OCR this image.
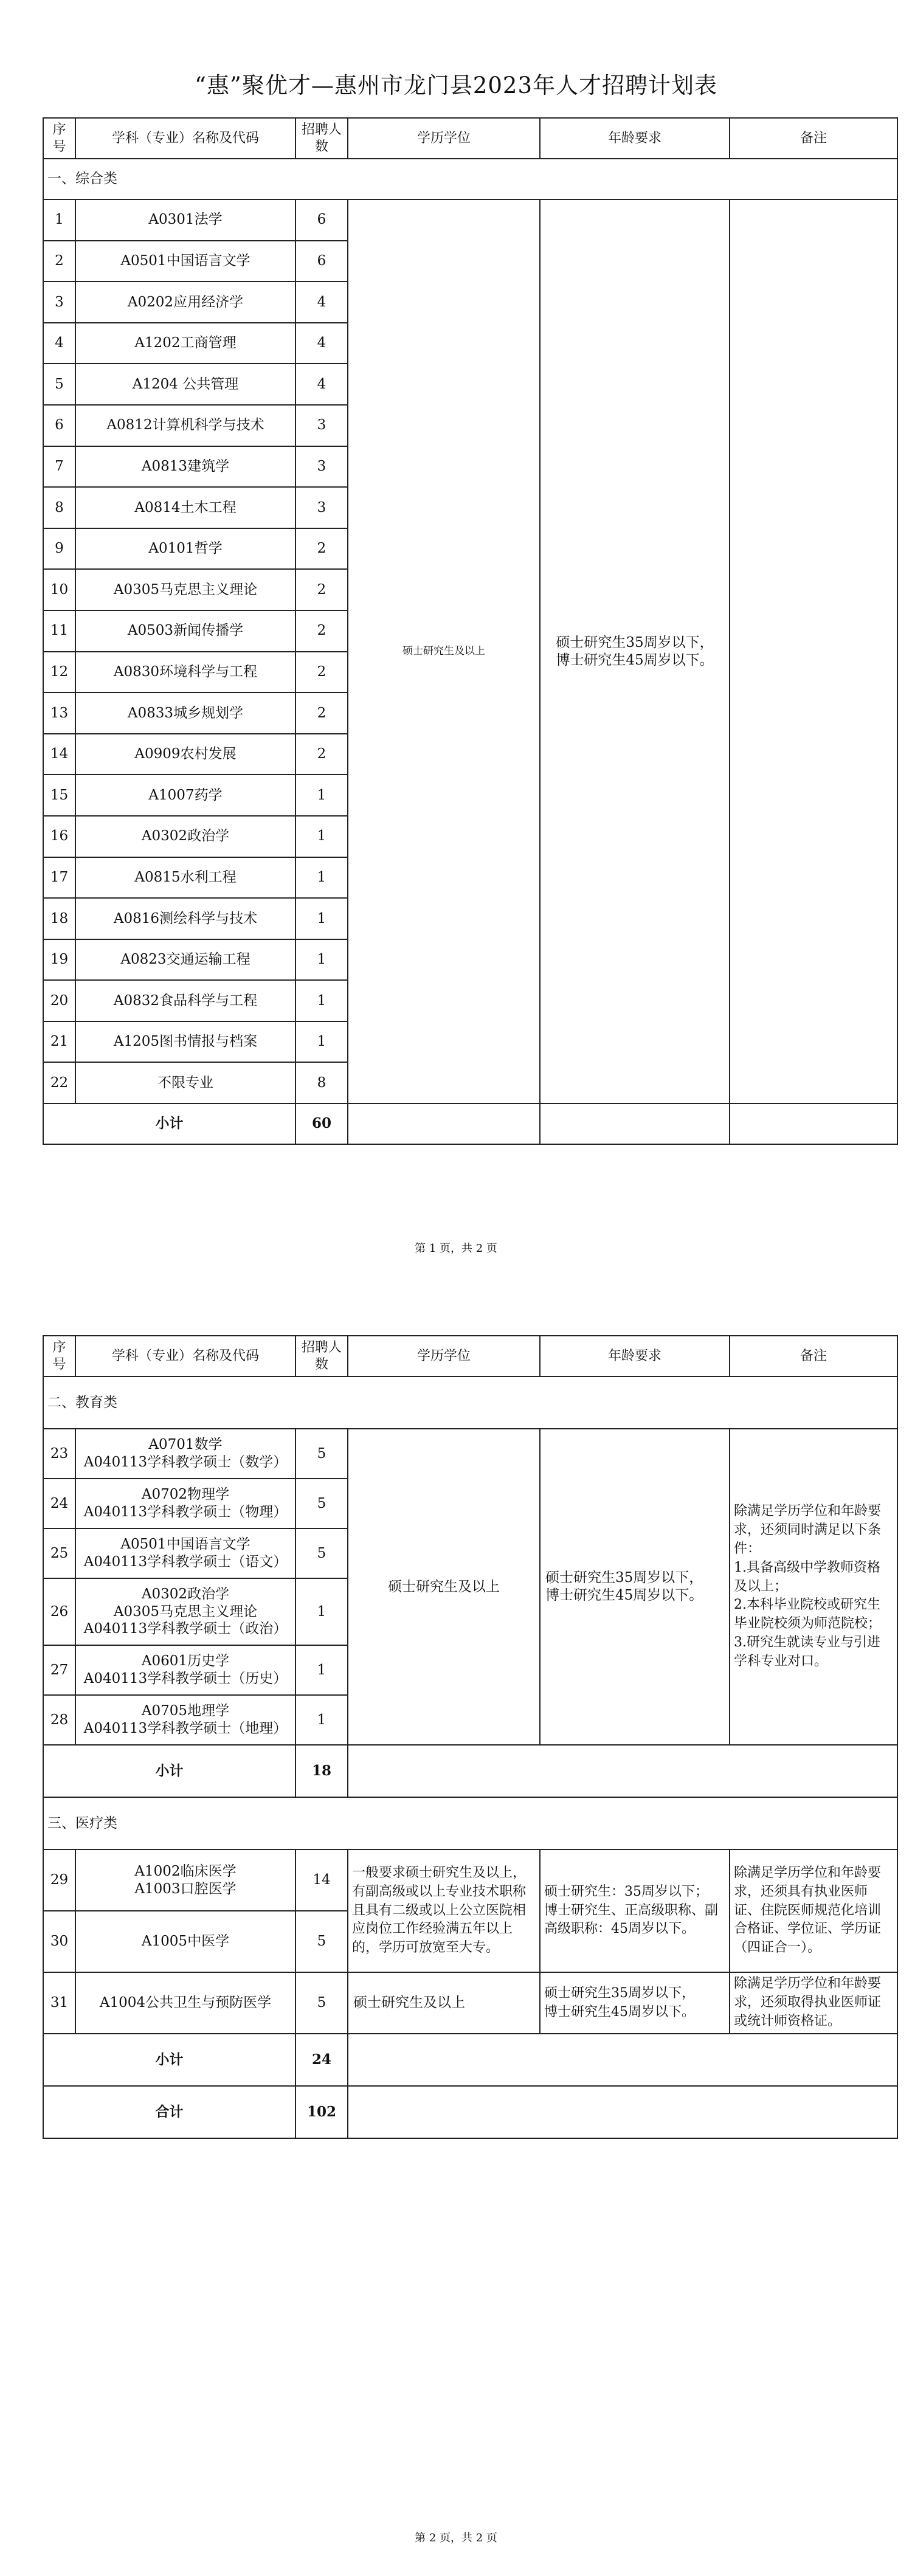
“惠”聚优才—惠州市龙门县2023年人才招聘计划表
序号	学科（专业）名称及代码	招聘人数	学历学位	年龄要求	备注
一、综合类					
1	A0301法学	6	硕士研究生及以上	硕士研究生35周岁以下，
博士研究生45周岁以下。	
2	A0501中国语言文学	6			
3	A0202应用经济学	4			
4	A1202工商管理	4			
5	A1204 公共管理	4			
6	A0812计算机科学与技术	3			
7	A0813建筑学	3			
8	A0814土木工程	3			
9	A0101哲学	2			
10	A0305马克思主义理论	2			
11	A0503新闻传播学	2			
12	A0830环境科学与工程	2			
13	A0833城乡规划学	2			
14	A0909农村发展	2			
15	A1007药学	1			
16	A0302政治学	1			
17	A0815水利工程	1			
18	A0816测绘科学与技术	1			
19	A0823交通运输工程	1			
20	A0832食品科学与工程	1			
21	A1205图书情报与档案	1			
22	不限专业	8			
小计		60			
第 1 页，共 2 页
序号	学科（专业）名称及代码	招聘人数	学历学位	年龄要求	备注
二、教育类					
23	A0701数学
A040113学科教学硕士（数学）	5	硕士研究生及以上	硕士研究生35周岁以下，
博士研究生45周岁以下。	除满足学历学位和年龄要求，还须同时满足以下条件：
1.具备高级中学教师资格及以上；
2.本科毕业院校或研究生毕业院校须为师范院校；
3.研究生就读专业与引进学科专业对口。
24	A0702物理学
A040113学科教学硕士（物理）	5			
25	A0501中国语言文学
A040113学科教学硕士（语文）	5			
26	A0302政治学
A0305马克思主义理论
A040113学科教学硕士（政治）	1			
27	A0601历史学
A040113学科教学硕士（历史）	1			
28	A0705地理学
A040113学科教学硕士（地理）	1			
小计		18			
三、医疗类					
29	A1002临床医学
A1003口腔医学	14	一般要求硕士研究生及以上，有副高级或以上专业技术职称且具有二级或以上公立医院相应岗位工作经验满五年以上的，学历可放宽至大专。	硕士研究生：35周岁以下；
博士研究生、正高级职称、副高级职称：45周岁以下。	除满足学历学位和年龄要求，还须具有执业医师证、住院医师规范化培训合格证、学位证、学历证（四证合一）。
30	A1005中医学	5			
31	A1004公共卫生与预防医学	5	硕士研究生及以上	硕士研究生35周岁以下，
博士研究生45周岁以下。	除满足学历学位和年龄要求，还须取得执业医师证或统计师资格证。
小计		24			
合计		102			
第 2 页，共 2 页
